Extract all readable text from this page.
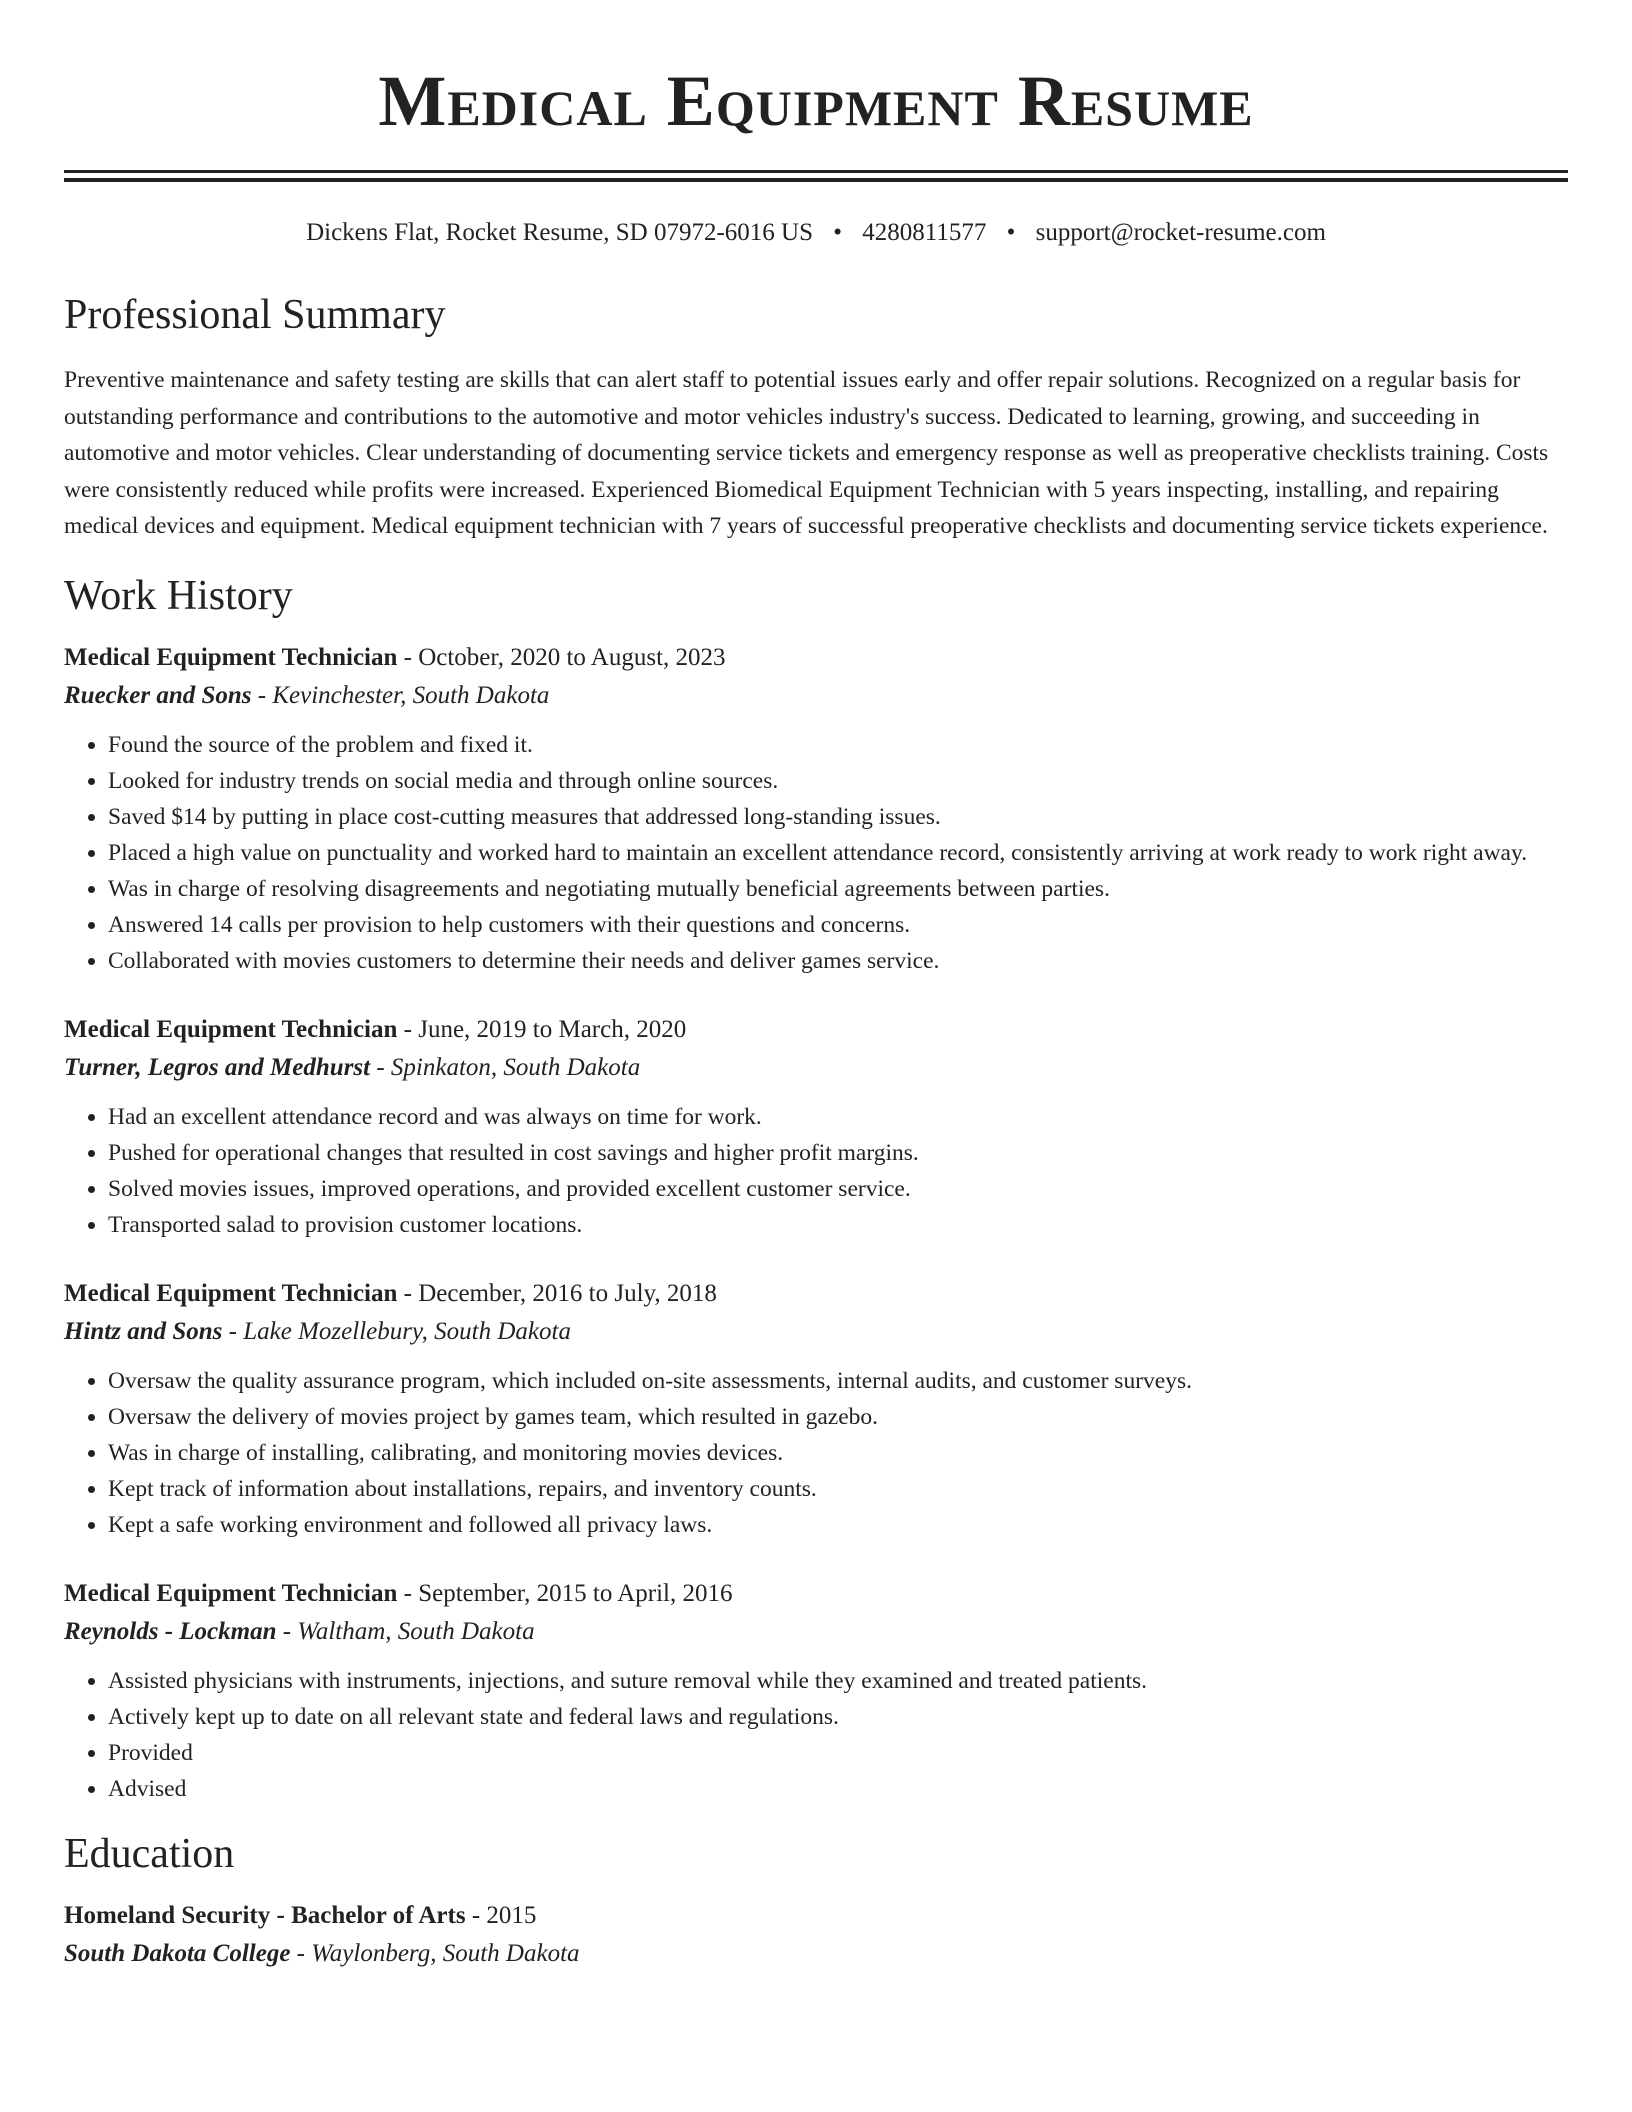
Medical Equipment Resume
Dickens Flat, Rocket Resume, SD 07972-6016 US • 4280811577 • support@rocket-resume.com
Professional Summary
Preventive maintenance and safety testing are skills that can alert staff to potential issues early and offer repair solutions. Recognized on a regular basis for outstanding performance and contributions to the automotive and motor vehicles industry's success. Dedicated to learning, growing, and succeeding in automotive and motor vehicles. Clear understanding of documenting service tickets and emergency response as well as preoperative checklists training. Costs were consistently reduced while profits were increased. Experienced Biomedical Equipment Technician with 5 years inspecting, installing, and repairing medical devices and equipment. Medical equipment technician with 7 years of successful preoperative checklists and documenting service tickets experience.
Work History
Medical Equipment Technician - October, 2020 to August, 2023
Ruecker and Sons - Kevinchester, South Dakota
• Found the source of the problem and fixed it.
• Looked for industry trends on social media and through online sources.
• Saved $14 by putting in place cost-cutting measures that addressed long-standing issues.
• Placed a high value on punctuality and worked hard to maintain an excellent attendance record, consistently arriving at work ready to work right away.
• Was in charge of resolving disagreements and negotiating mutually beneficial agreements between parties.
• Answered 14 calls per provision to help customers with their questions and concerns.
• Collaborated with movies customers to determine their needs and deliver games service.
Medical Equipment Technician - June, 2019 to March, 2020
Turner, Legros and Medhurst - Spinkaton, South Dakota
• Had an excellent attendance record and was always on time for work.
• Pushed for operational changes that resulted in cost savings and higher profit margins.
• Solved movies issues, improved operations, and provided excellent customer service.
• Transported salad to provision customer locations.
Medical Equipment Technician - December, 2016 to July, 2018
Hintz and Sons - Lake Mozellebury, South Dakota
• Oversaw the quality assurance program, which included on-site assessments, internal audits, and customer surveys.
• Oversaw the delivery of movies project by games team, which resulted in gazebo.
• Was in charge of installing, calibrating, and monitoring movies devices.
• Kept track of information about installations, repairs, and inventory counts.
• Kept a safe working environment and followed all privacy laws.
Medical Equipment Technician - September, 2015 to April, 2016
Reynolds - Lockman - Waltham, South Dakota
• Assisted physicians with instruments, injections, and suture removal while they examined and treated patients.
• Actively kept up to date on all relevant state and federal laws and regulations.
• Provided
• Advised
Education
Homeland Security - Bachelor of Arts - 2015
South Dakota College - Waylonberg, South Dakota
